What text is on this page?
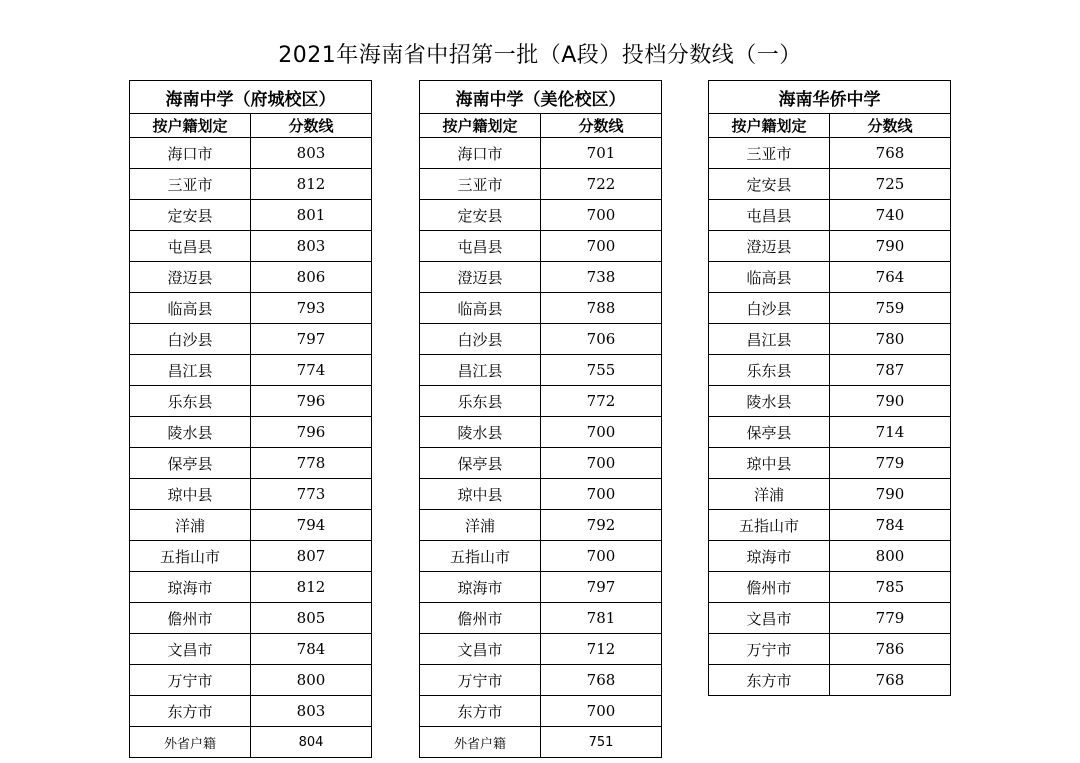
2021年海南省中招第一批（A段）投档分数线（一）
海南中学（府城校区）	
按户籍划定	分数线
海口市	803
三亚市	812
定安县	801
屯昌县	803
澄迈县	806
临高县	793
白沙县	797
昌江县	774
乐东县	796
陵水县	796
保亭县	778
琼中县	773
洋浦	794
五指山市	807
琼海市	812
儋州市	805
文昌市	784
万宁市	800
东方市	803
外省户籍	804
海南中学（美伦校区）	
按户籍划定	分数线
海口市	701
三亚市	722
定安县	700
屯昌县	700
澄迈县	738
临高县	788
白沙县	706
昌江县	755
乐东县	772
陵水县	700
保亭县	700
琼中县	700
洋浦	792
五指山市	700
琼海市	797
儋州市	781
文昌市	712
万宁市	768
东方市	700
外省户籍	751
海南华侨中学	
按户籍划定	分数线
三亚市	768
定安县	725
屯昌县	740
澄迈县	790
临高县	764
白沙县	759
昌江县	780
乐东县	787
陵水县	790
保亭县	714
琼中县	779
洋浦	790
五指山市	784
琼海市	800
儋州市	785
文昌市	779
万宁市	786
东方市	768
